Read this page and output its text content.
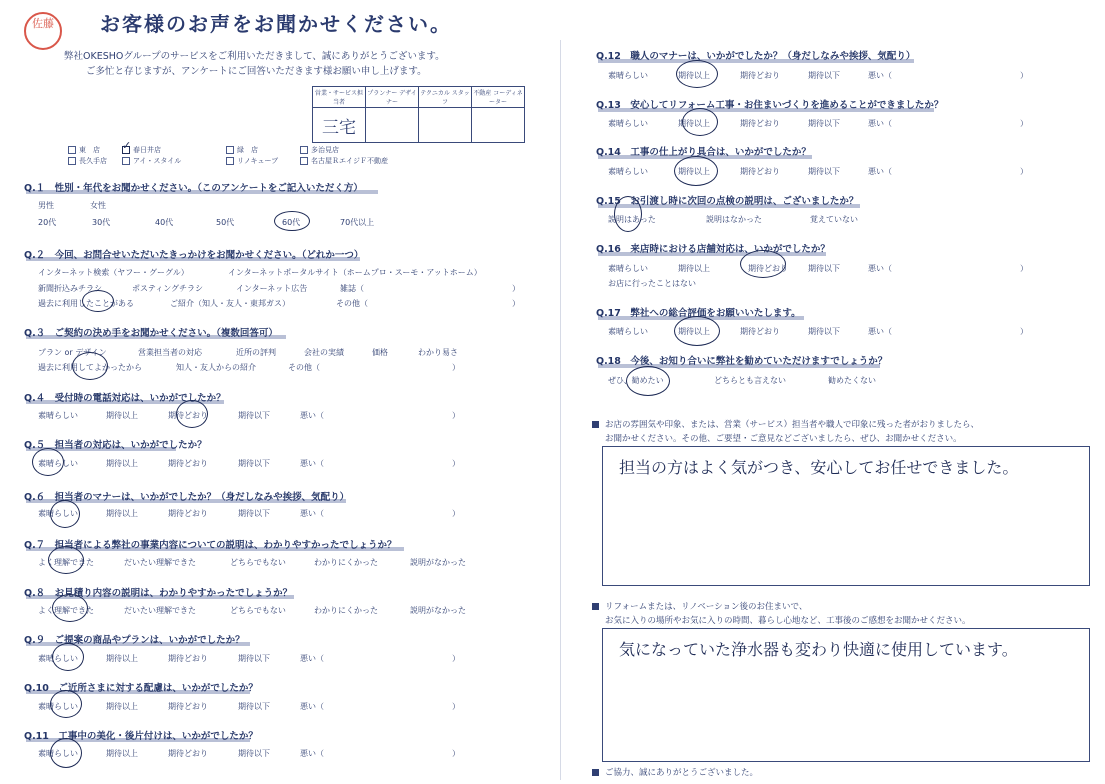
佐藤	お客様のお声をお聞かせください。
弊社OKESHOグループのサービスをご利用いただきまして、誠にありがとうございます。
ご多忙と存じますが、アンケートにご回答いただきます様お願い申し上げます。
営業・サービス担当者	プランナー デザイナー	テクニカル スタッフ	不動産 コーディネーター
三宅			
東　店 ✓ 春日井店	緑　店	多治見店
長久手店	アイ・スタイル	リノキューブ	名古屋ＲエイジＦ不動産
Q.１　性別・年代をお聞かせください。（このアンケートをご記入いただく方）
男性	女性
20代	30代	40代	50代	60代	70代以上
Q.２　今回、お問合せいただいたきっかけをお聞かせください。（どれか一つ）
インターネット検索（ヤフー・グーグル）	インターネットポータルサイト（ホームプロ・スーモ・アットホーム）
新聞折込みチラシ	ポスティングチラシ	インターネット広告	雑誌（	）
過去に利用したことがある	ご紹介（知人・友人・東邦ガス）	その他（	）
Q.３　ご契約の決め手をお聞かせください。（複数回答可）
プラン or デザイン	営業担当者の対応	近所の評判	会社の実績	価格	わかり易さ
過去に利用してよかったから	知人・友人からの紹介	その他（	）
Q.４　受付時の電話対応は、いかがでしたか？
素晴らしい	期待以上	期待どおり	期待以下	悪い（	）
Q.５　担当者の対応は、いかがでしたか？
素晴らしい	期待以上	期待どおり	期待以下	悪い（	）
Q.６　担当者のマナーは、いかがでしたか？（身だしなみや挨拶、気配り）
素晴らしい	期待以上	期待どおり	期待以下	悪い（	）
Q.７　担当者による弊社の事業内容についての説明は、わかりやすかったでしょうか？
よく理解できた	だいたい理解できた	どちらでもない	わかりにくかった	説明がなかった
Q.８　お見積り内容の説明は、わかりやすかったでしょうか？
よく理解できた	だいたい理解できた	どちらでもない	わかりにくかった	説明がなかった
Q.９　ご提案の商品やプランは、いかがでしたか？
素晴らしい	期待以上	期待どおり	期待以下	悪い（	）
Q.10　ご近所さまに対する配慮は、いかがでしたか？
素晴らしい	期待以上	期待どおり	期待以下	悪い（	）
Q.11　工事中の美化・後片付けは、いかがでしたか？
素晴らしい	期待以上	期待どおり	期待以下	悪い（	）
Q.12　職人のマナーは、いかがでしたか？（身だしなみや挨拶、気配り）
素晴らしい	期待以上	期待どおり	期待以下	悪い（	）
Q.13　安心してリフォーム工事・お住まいづくりを進めることができましたか？
素晴らしい	期待以上	期待どおり	期待以下	悪い（	）
Q.14　工事の仕上がり具合は、いかがでしたか？
素晴らしい	期待以上	期待どおり	期待以下	悪い（	）
Q.15　お引渡し時に次回の点検の説明は、ございましたか？
説明はあった	説明はなかった	覚えていない
Q.16　来店時における店舗対応は、いかがでしたか？
素晴らしい	期待以上	期待どおり	期待以下	悪い（	）
お店に行ったことはない
Q.17　弊社への総合評価をお願いいたします。
素晴らしい	期待以上	期待どおり	期待以下	悪い（	）
Q.18　今後、お知り合いに弊社を勧めていただけますでしょうか？
ぜひ、勧めたい	どちらとも言えない	勧めたくない
お店の雰囲気や印象、または、営業（サービス）担当者や職人で印象に残った者がおりましたら、
お聞かせください。その他、ご要望・ご意見などございましたら、ぜひ、お聞かせください。
担当の方はよく気がつき、安心してお任せできました。
リフォームまたは、リノベーション後のお住まいで、
お気に入りの場所やお気に入りの時間、暮らし心地など、工事後のご感想をお聞かせください。
気になっていた浄水器も変わり快適に使用しています。
ご協力、誠にありがとうございました。
